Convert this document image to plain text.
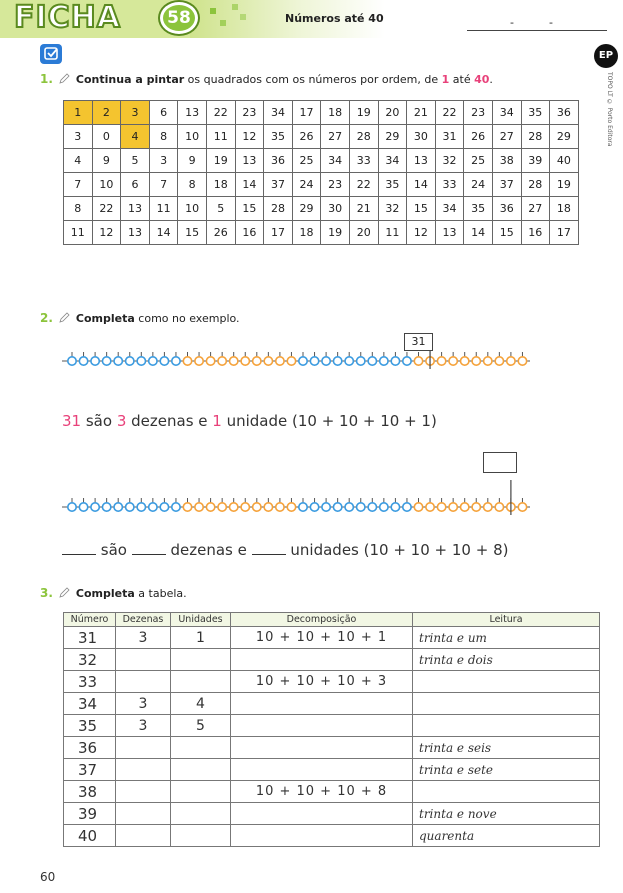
FICHA	58	Números até 40	-	-
EP
TOPO LT © Porto Editora
1. Continua a pintar os quadrados com os números por ordem, de 1 até 40.
1	2	3	6	13	22	23	34	17	18	19	20	21	22	23	34	35	36
3	0	4	8	10	11	12	35	26	27	28	29	30	31	26	27	28	29
4	9	5	3	9	19	13	36	25	34	33	34	13	32	25	38	39	40
7	10	6	7	8	18	14	37	24	23	22	35	14	33	24	37	28	19
8	22	13	11	10	5	15	28	29	30	21	32	15	34	35	36	27	18
11	12	13	14	15	26	16	17	18	19	20	11	12	13	14	15	16	17
2. Completa como no exemplo.
31
31 são 3 dezenas e 1 unidade (10 + 10 + 10 + 1)
são  dezenas e  unidades (10 + 10 + 10 + 8)
3. Completa a tabela.
Número	Dezenas	Unidades	Decomposição	Leitura
31	3	1	10 + 10 + 10 + 1	trinta e um
32				trinta e dois
33			10 + 10 + 10 + 3	
34	3	4		
35	3	5		
36				trinta e seis
37				trinta e sete
38			10 + 10 + 10 + 8	
39				trinta e nove
40				quarenta
60
